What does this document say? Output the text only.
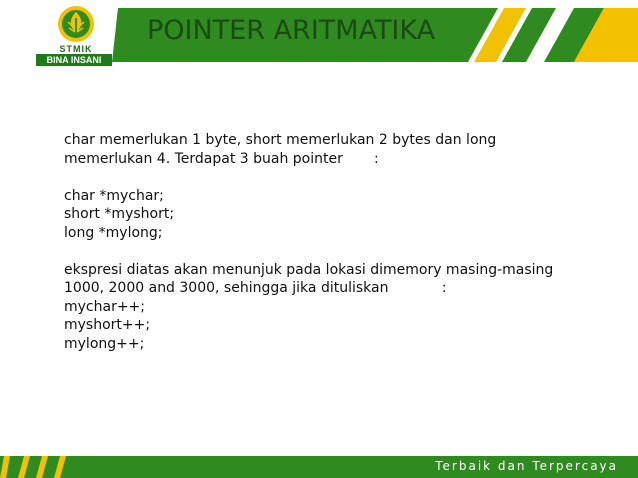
STMIK
BINA INSANI
POINTER ARITMATIKA
char memerlukan 1 byte, short memerlukan 2 bytes dan long
memerlukan 4. Terdapat 3 buah pointer       :
char *mychar;
short *myshort;
long *mylong;
ekspresi diatas akan menunjuk pada lokasi dimemory masing-masing
1000, 2000 and 3000, sehingga jika dituliskan            :
mychar++;
myshort++;
mylong++;
Terbaik dan Terpercaya
